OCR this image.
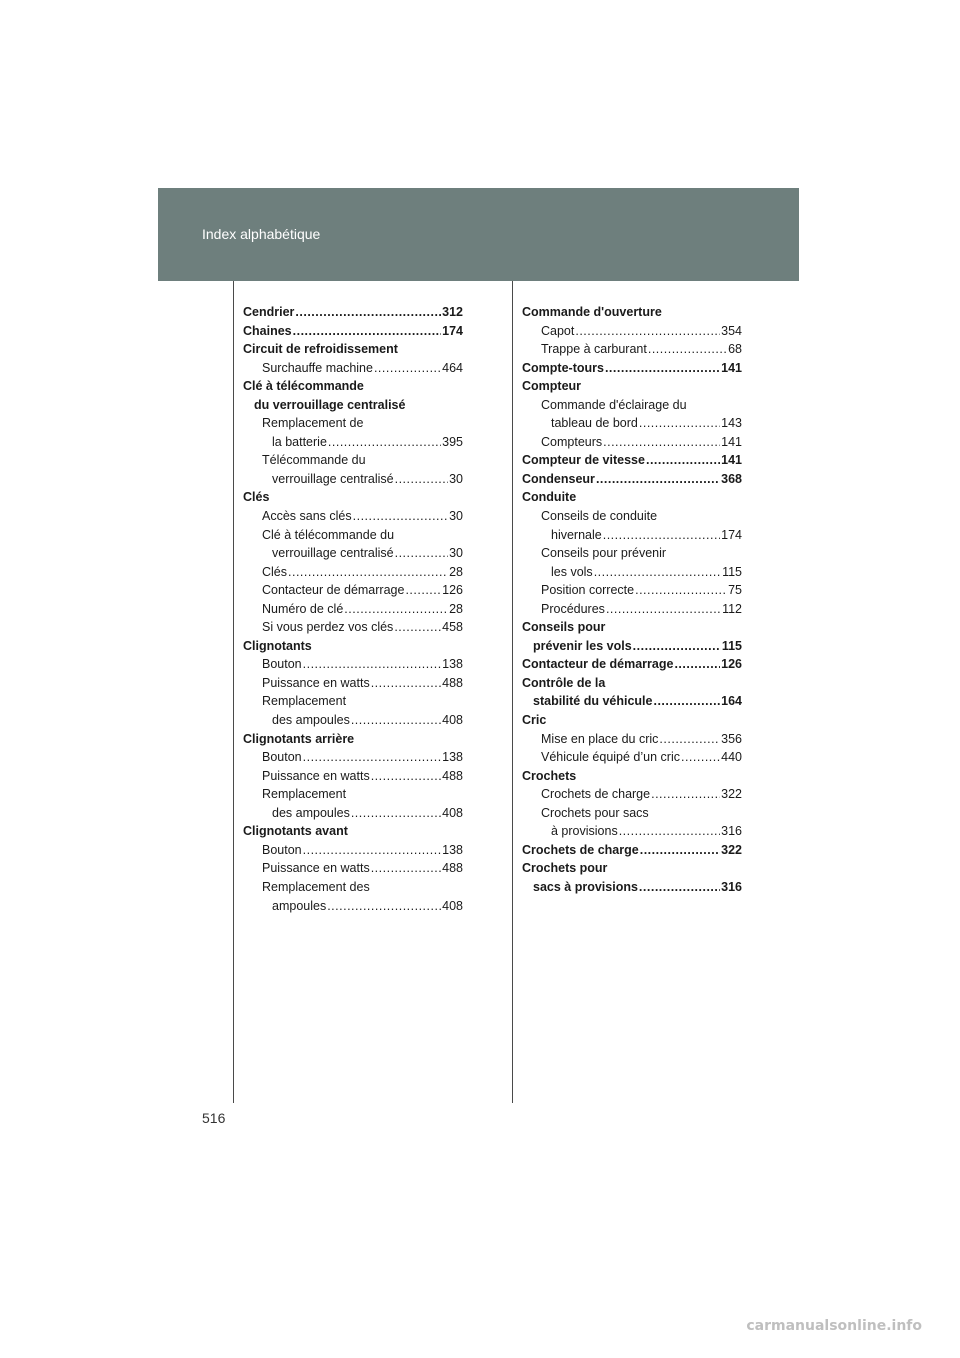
Index alphabétique
Cendrier .....	312
Chaines .....	174
Circuit de refroidissement
Surchauffe machine .....	464
Clé à télécommande
du verrouillage centralisé
Remplacement de
la batterie .....	395
Télécommande du
verrouillage centralisé .....	30
Clés
Accès sans clés .....	30
Clé à télécommande du
verrouillage centralisé .....	30
Clés .....	28
Contacteur de démarrage .....	126
Numéro de clé .....	28
Si vous perdez vos clés .....	458
Clignotants
Bouton .....	138
Puissance en watts .....	488
Remplacement
des ampoules .....	408
Clignotants arrière
Bouton .....	138
Puissance en watts .....	488
Remplacement
des ampoules .....	408
Clignotants avant
Bouton .....	138
Puissance en watts .....	488
Remplacement des
ampoules .....	408
Commande d'ouverture
Capot .....	354
Trappe à carburant .....	68
Compte-tours .....	141
Compteur
Commande d'éclairage du
tableau de bord .....	143
Compteurs .....	141
Compteur de vitesse .....	141
Condenseur .....	368
Conduite
Conseils de conduite
hivernale .....	174
Conseils pour prévenir
les vols .....	115
Position correcte .....	75
Procédures .....	112
Conseils pour
prévenir les vols .....	115
Contacteur de démarrage .....	126
Contrôle de la
stabilité du véhicule .....	164
Cric
Mise en place du cric .....	356
Véhicule équipé d’un cric .....	440
Crochets
Crochets de charge .....	322
Crochets pour sacs
à provisions .....	316
Crochets de charge .....	322
Crochets pour
sacs à provisions .....	316
516
carmanualsonline.info
